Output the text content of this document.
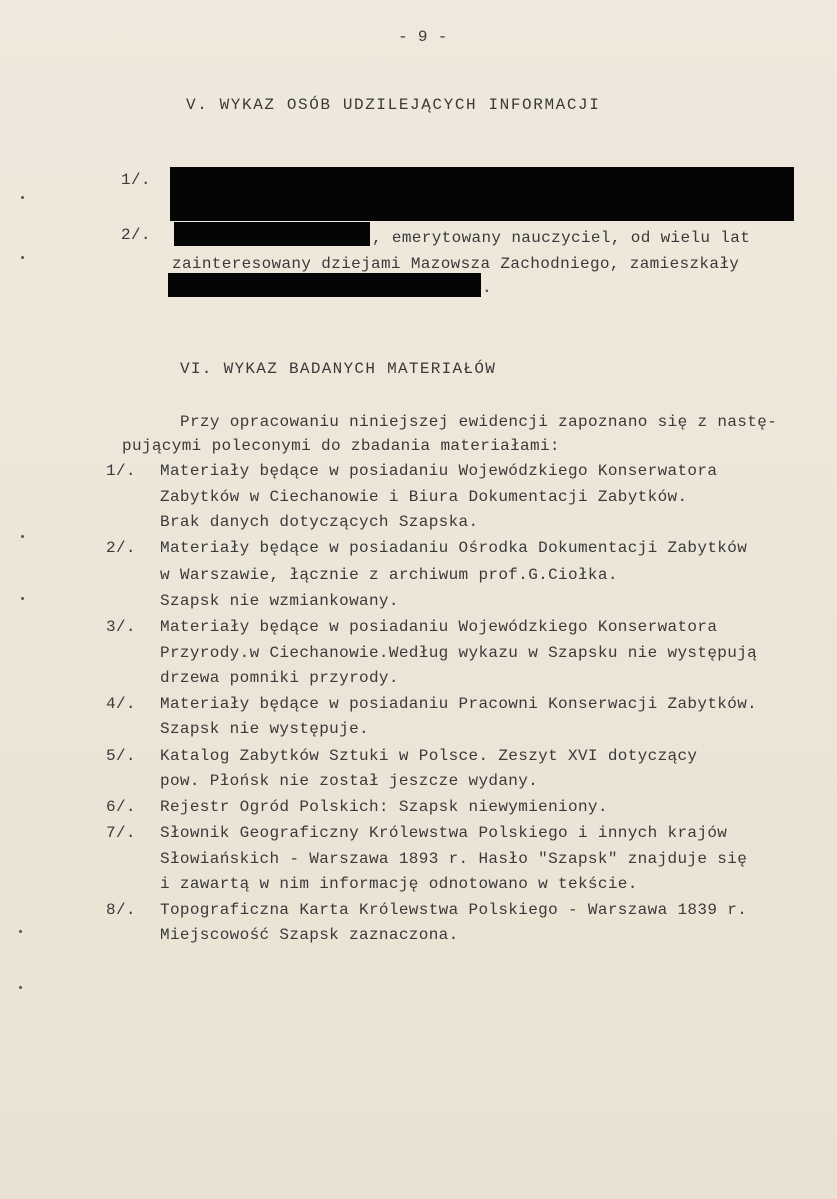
- 9 -
V. WYKAZ OSÓB UDZILEJĄCYCH INFORMACJI
1/.
2/.	, emerytowany nauczyciel, od wielu lat
zainteresowany dziejami Mazowsza Zachodniego, zamieszkały
.
VI. WYKAZ BADANYCH MATERIAŁÓW
Przy opracowaniu niniejszej ewidencji zapoznano się z nastę-
pującymi poleconymi do zbadania materiałami:
1/. Materiały będące w posiadaniu Wojewódzkiego Konserwatora
Zabytków w Ciechanowie i Biura Dokumentacji Zabytków.
Brak danych dotyczących Szapska.
2/. Materiały będące w posiadaniu Ośrodka Dokumentacji Zabytków
w Warszawie, łącznie z archiwum prof.G.Ciołka.
Szapsk nie wzmiankowany.
3/. Materiały będące w posiadaniu Wojewódzkiego Konserwatora
Przyrody.w Ciechanowie.Według wykazu w Szapsku nie występują
drzewa pomniki przyrody.
4/. Materiały będące w posiadaniu Pracowni Konserwacji Zabytków.
Szapsk nie występuje.
5/. Katalog Zabytków Sztuki w Polsce. Zeszyt XVI dotyczący
pow. Płońsk nie został jeszcze wydany.
6/. Rejestr Ogród Polskich: Szapsk niewymieniony.
7/. Słownik Geograficzny Królewstwa Polskiego i innych krajów
Słowiańskich - Warszawa 1893 r. Hasło "Szapsk" znajduje się
i zawartą w nim informację odnotowano w tekście.
8/. Topograficzna Karta Królewstwa Polskiego - Warszawa 1839 r.
Miejscowość Szapsk zaznaczona.
